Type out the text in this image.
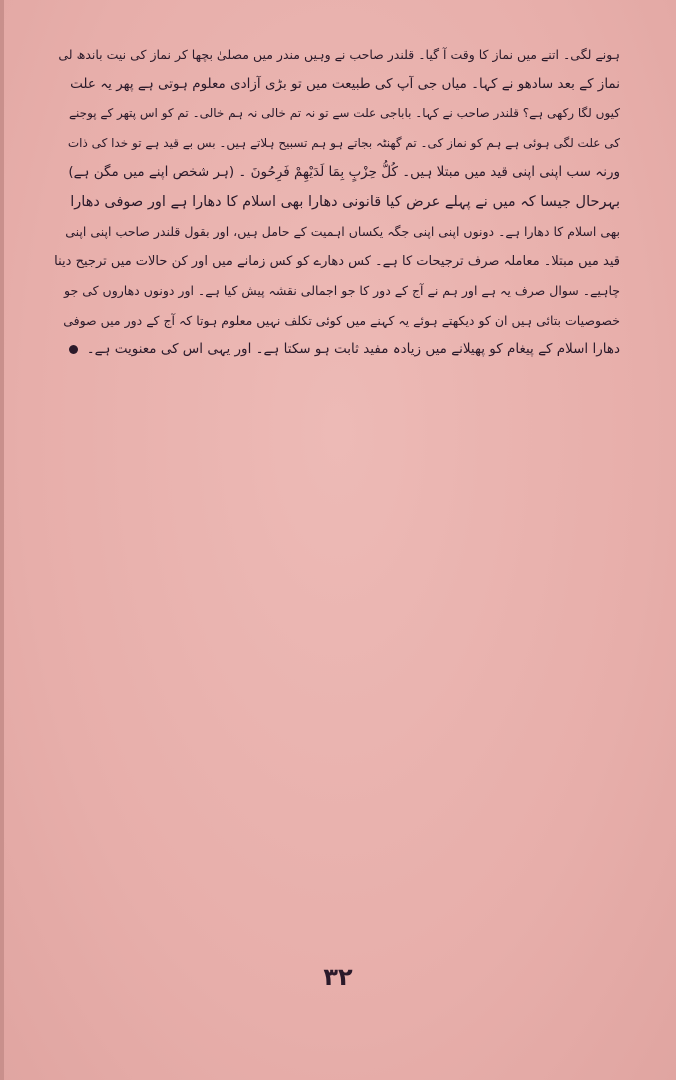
ہونے لگی۔ اتنے میں نماز کا وقت آ گیا۔ قلندر صاحب نے وہیں مندر میں مصلیٰ بچھا کر نماز کی نیت باندھ لی
نماز کے بعد سادھو نے کہا۔ میاں جی آپ کی طبیعت میں تو بڑی آزادی معلوم ہوتی ہے پھر یہ علت
کیوں لگا رکھی ہے؟ قلندر صاحب نے کہا۔ باباجی علت سے تو نہ تم خالی نہ ہم خالی۔ تم کو اس پتھر کے پوجنے
کی علت لگی ہوئی ہے ہم کو نماز کی۔ تم گھنٹہ بجاتے ہو ہم تسبیح ہلاتے ہیں۔ بس بے قید ہے تو خدا کی ذات
ورنہ سب اپنی اپنی قید میں مبتلا ہیں۔ کُلُّ حِزْبٍ بِمَا لَدَيْهِمْ فَرِحُونَ ۔ (ہر شخص اپنے میں مگن ہے)
بہرحال جیسا کہ میں نے پہلے عرض کیا قانونی دھارا بھی اسلام کا دھارا ہے اور صوفی دھارا
بھی اسلام کا دھارا ہے۔ دونوں اپنی اپنی جگہ یکساں اہمیت کے حامل ہیں، اور بقول قلندر صاحب اپنی اپنی
قید میں مبتلا۔ معاملہ صرف ترجیحات کا ہے۔ کس دھارے کو کس زمانے میں اور کن حالات میں ترجیح دینا
چاہیے۔ سوال صرف یہ ہے اور ہم نے آج کے دور کا جو اجمالی نقشہ پیش کیا ہے۔ اور دونوں دھاروں کی جو
خصوصیات بتائی ہیں ان کو دیکھتے ہوئے یہ کہنے میں کوئی تکلف نہیں معلوم ہوتا کہ آج کے دور میں صوفی
دھارا اسلام کے پیغام کو پھیلانے میں زیادہ مفید ثابت ہو سکتا ہے۔ اور یہی اس کی معنویت ہے۔
۳۲
